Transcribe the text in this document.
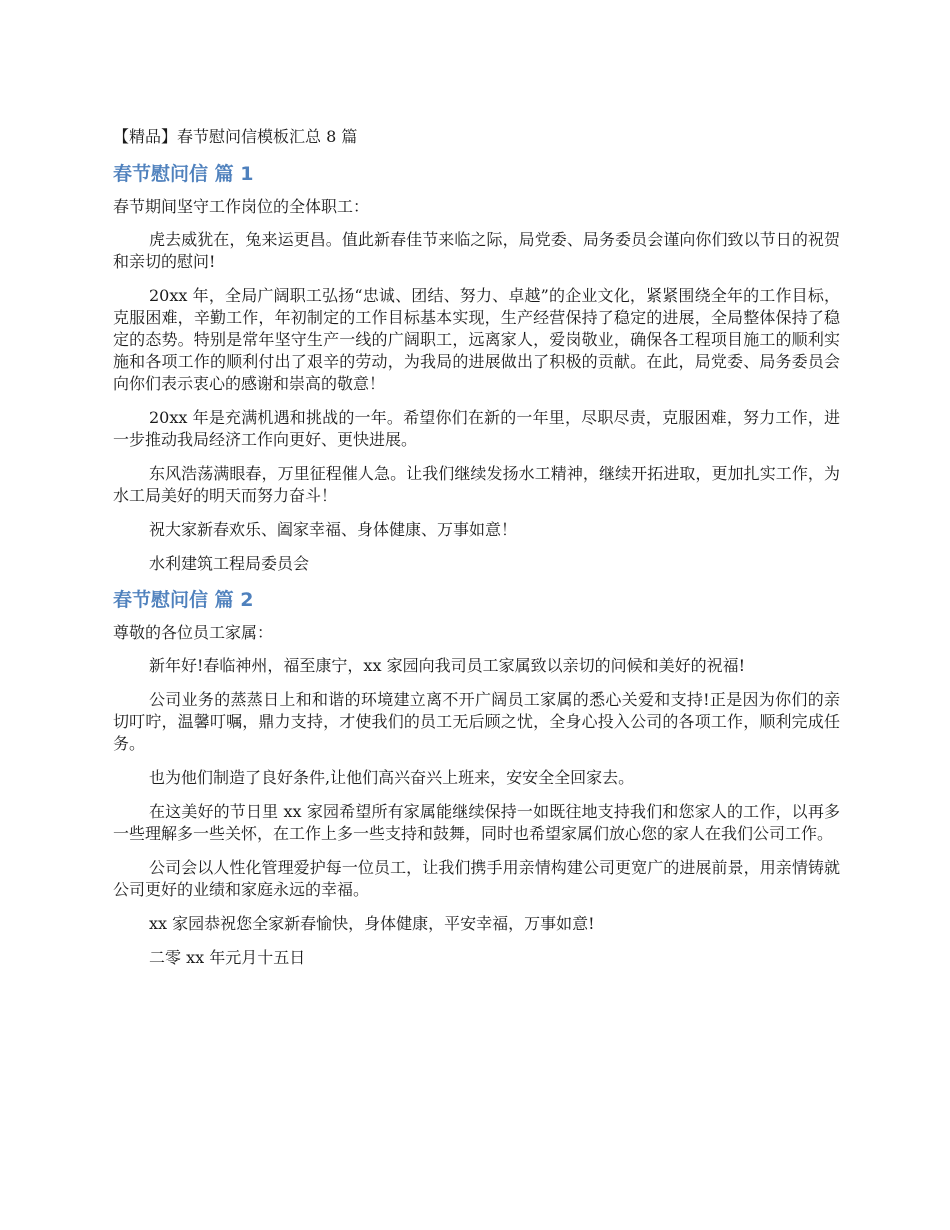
【精品】春节慰问信模板汇总 8 篇

春节慰问信 篇 1

春节期间坚守工作岗位的全体职工：

虎去威犹在，兔来运更昌。值此新春佳节来临之际，局党委、局务委员会谨向你们致以节日的祝贺和亲切的慰问!

20xx 年，全局广阔职工弘扬“忠诚、团结、努力、卓越”的企业文化，紧紧围绕全年的工作目标，克服困难，辛勤工作，年初制定的工作目标基本实现，生产经营保持了稳定的进展，全局整体保持了稳定的态势。特别是常年坚守生产一线的广阔职工，远离家人，爱岗敬业，确保各工程项目施工的顺利实施和各项工作的顺利付出了艰辛的劳动，为我局的进展做出了积极的贡献。在此，局党委、局务委员会向你们表示衷心的感谢和崇高的敬意！

20xx 年是充满机遇和挑战的一年。希望你们在新的一年里，尽职尽责，克服困难，努力工作，进一步推动我局经济工作向更好、更快进展。

东风浩荡满眼春，万里征程催人急。让我们继续发扬水工精神，继续开拓进取，更加扎实工作，为水工局美好的明天而努力奋斗！

祝大家新春欢乐、阖家幸福、身体健康、万事如意！

水利建筑工程局委员会

春节慰问信 篇 2

尊敬的各位员工家属：

新年好!春临神州，福至康宁，xx 家园向我司员工家属致以亲切的问候和美好的祝福!

公司业务的蒸蒸日上和和谐的环境建立离不开广阔员工家属的悉心关爱和支持!正是因为你们的亲切叮咛，温馨叮嘱，鼎力支持，才使我们的员工无后顾之忧，全身心投入公司的各项工作，顺利完成任务。

也为他们制造了良好条件,让他们高兴奋兴上班来，安安全全回家去。

在这美好的节日里 xx 家园希望所有家属能继续保持一如既往地支持我们和您家人的工作，以再多一些理解多一些关怀，在工作上多一些支持和鼓舞，同时也希望家属们放心您的家人在我们公司工作。

公司会以人性化管理爱护每一位员工，让我们携手用亲情构建公司更宽广的进展前景，用亲情铸就公司更好的业绩和家庭永远的幸福。

xx 家园恭祝您全家新春愉快，身体健康，平安幸福，万事如意!

二零 xx 年元月十五日
